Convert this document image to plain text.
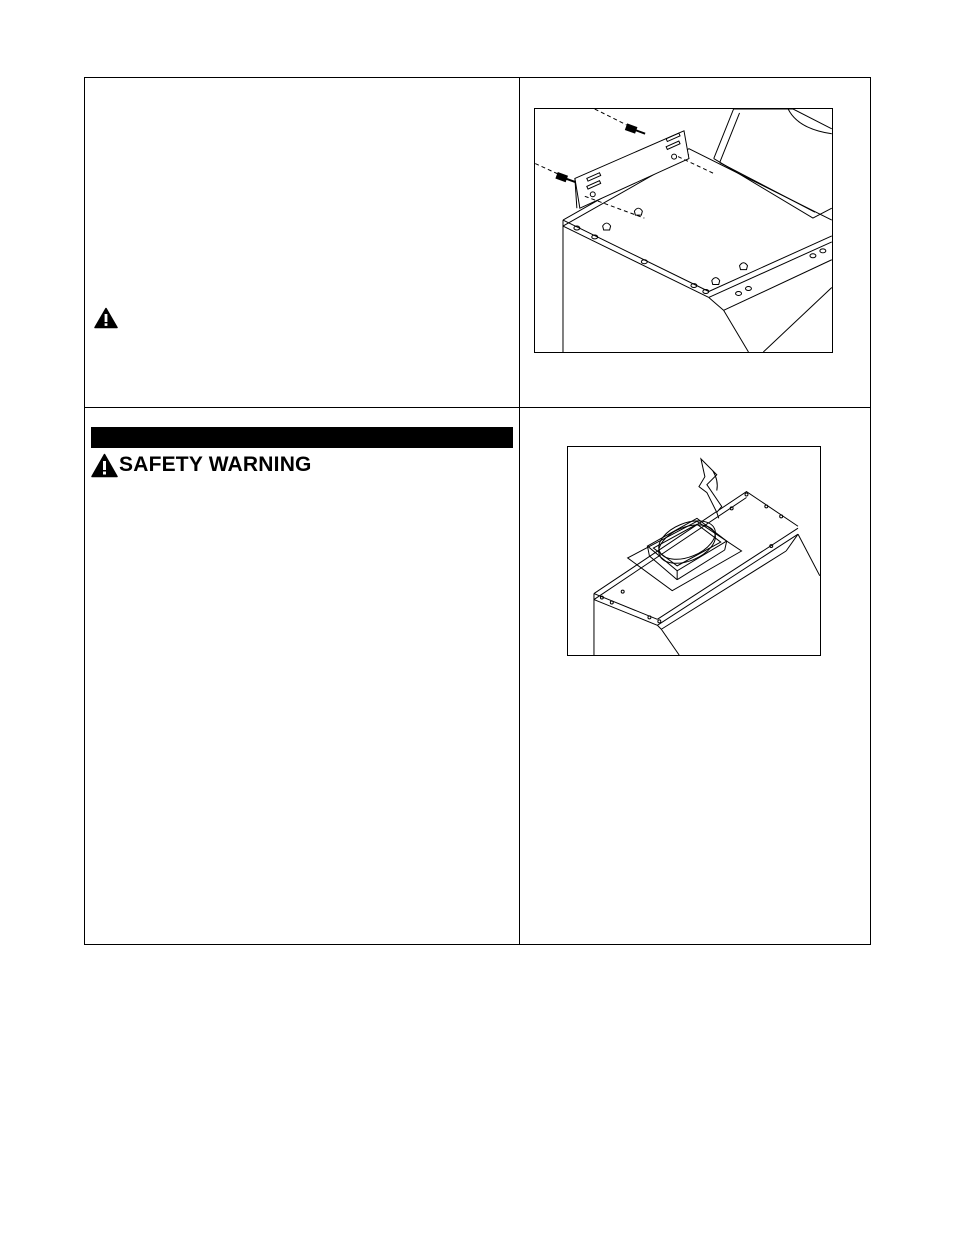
SAFETY WARNING
